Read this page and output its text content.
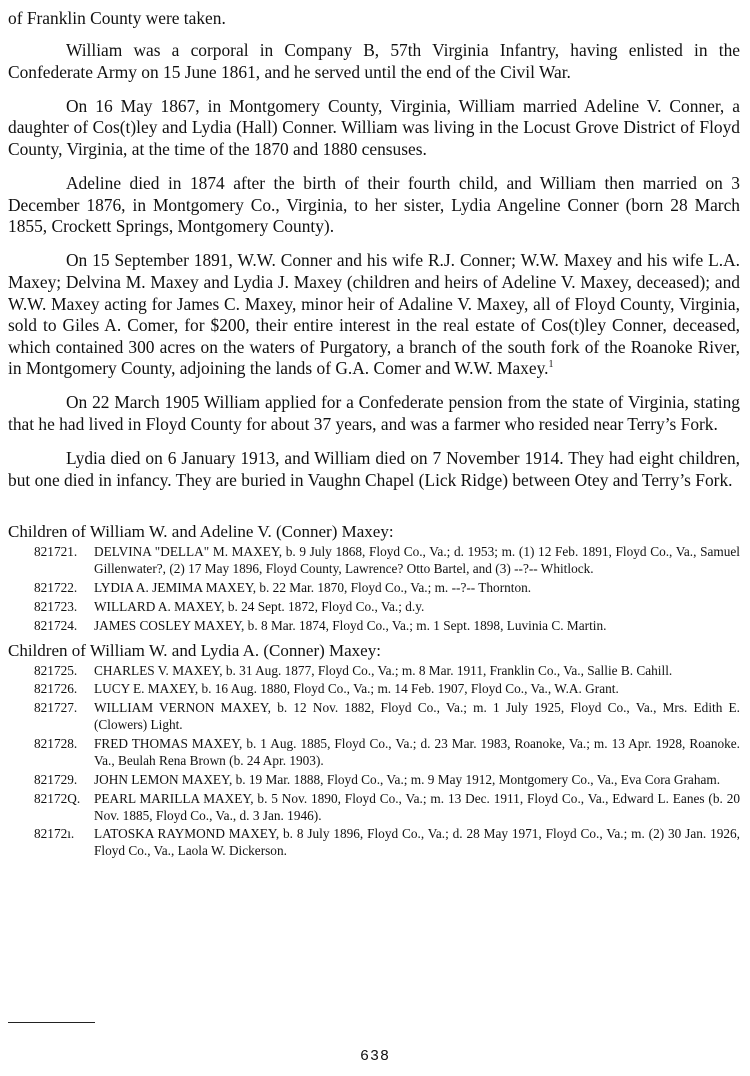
of Franklin County were taken.

William was a corporal in Company B, 57th Virginia Infantry, having enlisted in the Confederate Army on 15 June 1861, and he served until the end of the Civil War.

On 16 May 1867, in Montgomery County, Virginia, William married Adeline V. Conner, a daughter of Cos(t)ley and Lydia (Hall) Conner. William was living in the Locust Grove District of Floyd County, Virginia, at the time of the 1870 and 1880 censuses.

Adeline died in 1874 after the birth of their fourth child, and William then married on 3 December 1876, in Montgomery Co., Virginia, to her sister, Lydia Angeline Conner (born 28 March 1855, Crockett Springs, Montgomery County).

On 15 September 1891, W.W. Conner and his wife R.J. Conner; W.W. Maxey and his wife L.A. Maxey; Delvina M. Maxey and Lydia J. Maxey (children and heirs of Adeline V. Maxey, deceased); and W.W. Maxey acting for James C. Maxey, minor heir of Adaline V. Maxey, all of Floyd County, Virginia, sold to Giles A. Comer, for $200, their entire interest in the real estate of Cos(t)ley Conner, deceased, which contained 300 acres on the waters of Purgatory, a branch of the south fork of the Roanoke River, in Montgomery County, adjoining the lands of G.A. Comer and W.W. Maxey.$^1$

On 22 March 1905 William applied for a Confederate pension from the state of Virginia, stating that he had lived in Floyd County for about 37 years, and was a farmer who resided near Terry’s Fork.

Lydia died on 6 January 1913, and William died on 7 November 1914. They had eight children, but one died in infancy. They are buried in Vaughn Chapel (Lick Ridge) between Otey and Terry’s Fork.

Children of William W. and Adeline V. (Conner) Maxey:
821721. DELVINA "DELLA" M. MAXEY, b. 9 July 1868, Floyd Co., Va.; d. 1953; m. (1) 12 Feb. 1891, Floyd Co., Va., Samuel Gillenwater?, (2) 17 May 1896, Floyd County, Lawrence? Otto Bartel, and (3) --?-- Whitlock.
821722. LYDIA A. JEMIMA MAXEY, b. 22 Mar. 1870, Floyd Co., Va.; m. --?-- Thornton.
821723. WILLARD A. MAXEY, b. 24 Sept. 1872, Floyd Co., Va.; d.y.
821724. JAMES COSLEY MAXEY, b. 8 Mar. 1874, Floyd Co., Va.; m. 1 Sept. 1898, Luvinia C. Martin.
Children of William W. and Lydia A. (Conner) Maxey:
821725. CHARLES V. MAXEY, b. 31 Aug. 1877, Floyd Co., Va.; m. 8 Mar. 1911, Franklin Co., Va., Sallie B. Cahill.
821726. LUCY E. MAXEY, b. 16 Aug. 1880, Floyd Co., Va.; m. 14 Feb. 1907, Floyd Co., Va., W.A. Grant.
821727. WILLIAM VERNON MAXEY, b. 12 Nov. 1882, Floyd Co., Va.; m. 1 July 1925, Floyd Co., Va., Mrs. Edith E. (Clowers) Light.
821728. FRED THOMAS MAXEY, b. 1 Aug. 1885, Floyd Co., Va.; d. 23 Mar. 1983, Roanoke, Va.; m. 13 Apr. 1928, Roanoke. Va., Beulah Rena Brown (b. 24 Apr. 1903).
821729. JOHN LEMON MAXEY, b. 19 Mar. 1888, Floyd Co., Va.; m. 9 May 1912, Montgomery Co., Va., Eva Cora Graham.
82172Q. PEARL MARILLA MAXEY, b. 5 Nov. 1890, Floyd Co., Va.; m. 13 Dec. 1911, Floyd Co., Va., Edward L. Eanes (b. 20 Nov. 1885, Floyd Co., Va., d. 3 Jan. 1946).
82172ı. LATOSKA RAYMOND MAXEY, b. 8 July 1896, Floyd Co., Va.; d. 28 May 1971, Floyd Co., Va.; m. (2) 30 Jan. 1926, Floyd Co., Va., Laola W. Dickerson.
638
